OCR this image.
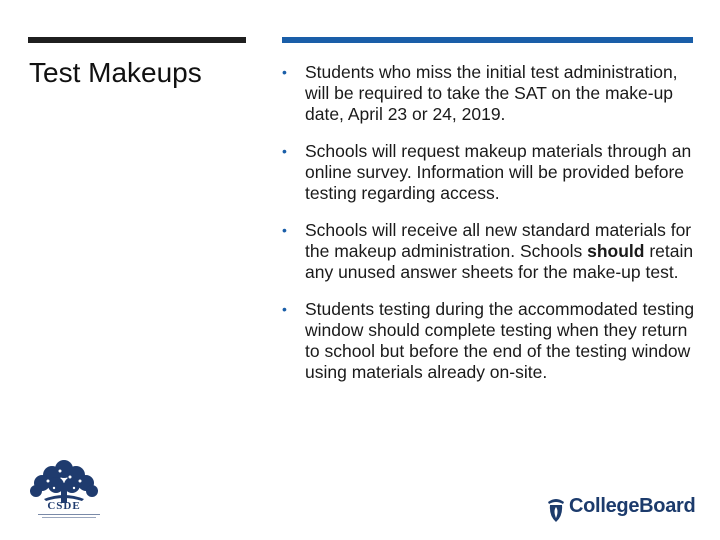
Test Makeups	• Students who miss the initial test administration, will be required to take the SAT on the make-up date, April 23 or 24, 2019.
• Schools will request makeup materials through an online survey. Information will be provided before testing regarding access.
• Schools will receive all new standard materials for the makeup administration. Schools should retain any unused answer sheets for the make-up test.
• Students testing during the accommodated testing window should complete testing when they return to school but before the end of the testing window using materials already on-site.
CSDE	CollegeBoard
